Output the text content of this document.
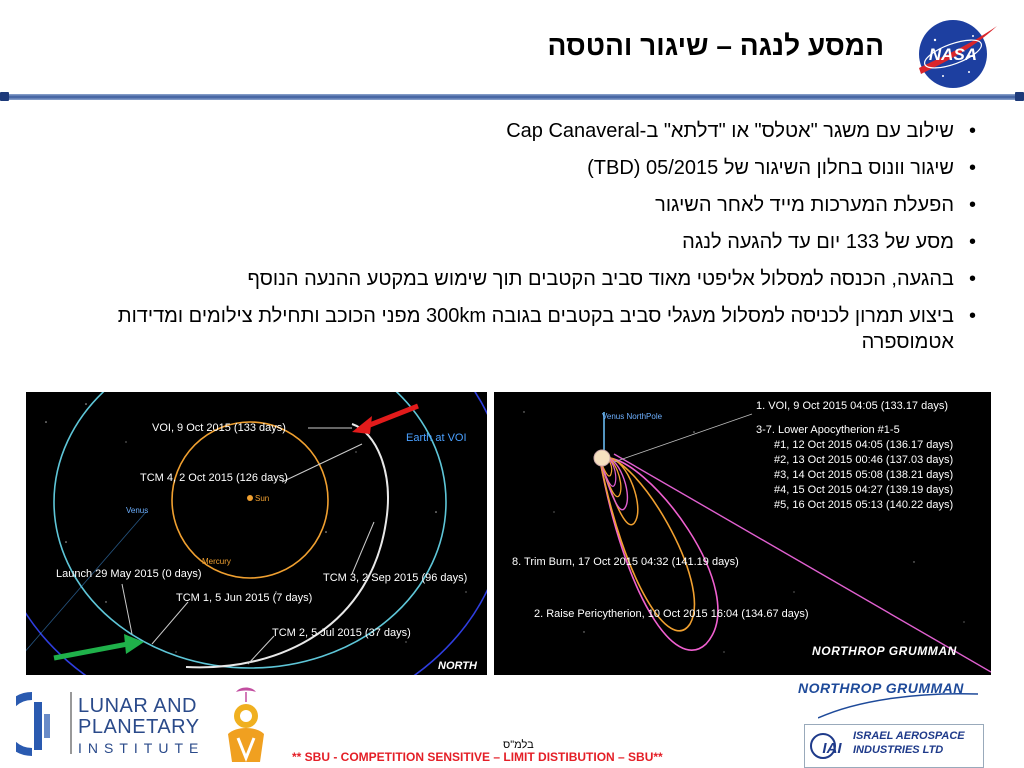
NASA
המסע לנגה – שיגור והטסה
•
שילוב עם משגר "אטלס" או "דלתא" ב-Cap Canaveral
•
שיגור וונוס בחלון השיגור של 05/2015 (TBD)
•
הפעלת המערכות מייד לאחר השיגור
•
מסע של 133 יום עד להגעה לנגה
•
בהגעה, הכנסה למסלול אליפטי מאוד סביב הקטבים תוך שימוש במקטע ההנעה הנוסף
•
ביצוע תמרון לכניסה למסלול מעגלי סביב בקטבים בגובה 300km מפני הכוכב ותחילת צילומים ומדידות אטמוספרה
VOI, 9 Oct 2015 (133 days)
Earth at VOI
TCM 4, 2 Oct 2015 (126 days)
Sun
Venus
Mercury
Launch 29 May 2015 (0 days)	TCM 3, 2 Sep 2015 (96 days)
TCM 1, 5 Jun 2015 (7 days)
TCM 2, 5 Jul 2015 (37 days)
NORTH
Venus NorthPole
1. VOI, 9 Oct 2015 04:05 (133.17 days)
3-7. Lower Apocytherion #1-5
#1, 12 Oct 2015 04:05 (136.17 days)
#2, 13 Oct 2015 00:46 (137.03 days)
#3, 14 Oct 2015 05:08 (138.21 days)
#4, 15 Oct 2015 04:27 (139.19 days)
#5, 16 Oct 2015 05:13 (140.22 days)
8. Trim Burn, 17 Oct 2015 04:32 (141.19 days)
2. Raise Pericytherion, 10 Oct 2015 16:04 (134.67 days)
NORTHROP GRUMMAN
LUNAR AND
PLANETARY
INSTITUTE	בלמ"ס
** SBU - COMPETITION SENSITIVE – LIMIT DISTIBUTION – SBU**
NORTHROP GRUMMAN
IAI
ISRAEL AEROSPACE
INDUSTRIES LTD
